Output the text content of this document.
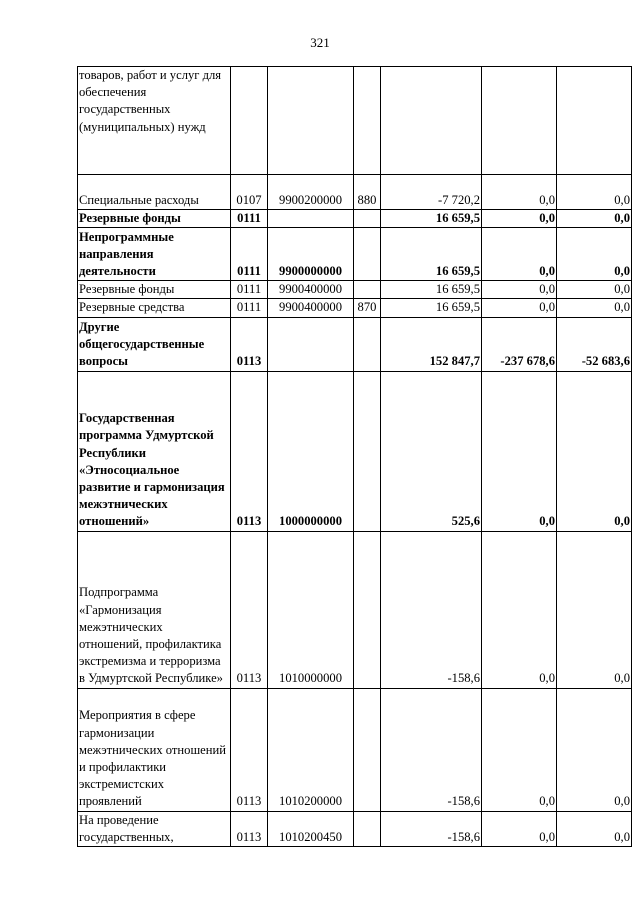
321
товаров, работ и услуг для обеспечения государственных (муниципальных) нужд						
Специальные расходы	0107	9900200000	880	-7 720,2	0,0	0,0
Резервные фонды	0111			16 659,5	0,0	0,0
Непрограммные направления деятельности	0111	9900000000		16 659,5	0,0	0,0
Резервные фонды	0111	9900400000		16 659,5	0,0	0,0
Резервные средства	0111	9900400000	870	16 659,5	0,0	0,0
Другие общегосударственные вопросы	0113			152 847,7	-237 678,6	-52 683,6
Государственная программа Удмуртской Республики «Этносоциальное развитие и гармонизация межэтнических отношений»	0113	1000000000		525,6	0,0	0,0
Подпрограмма «Гармонизация межэтнических отношений, профилактика экстремизма и терроризма в Удмуртской Республике»	0113	1010000000		-158,6	0,0	0,0
Мероприятия в сфере гармонизации межэтнических отношений и профилактики экстремистских проявлений	0113	1010200000		-158,6	0,0	0,0
На проведение государственных,	0113	1010200450		-158,6	0,0	0,0
